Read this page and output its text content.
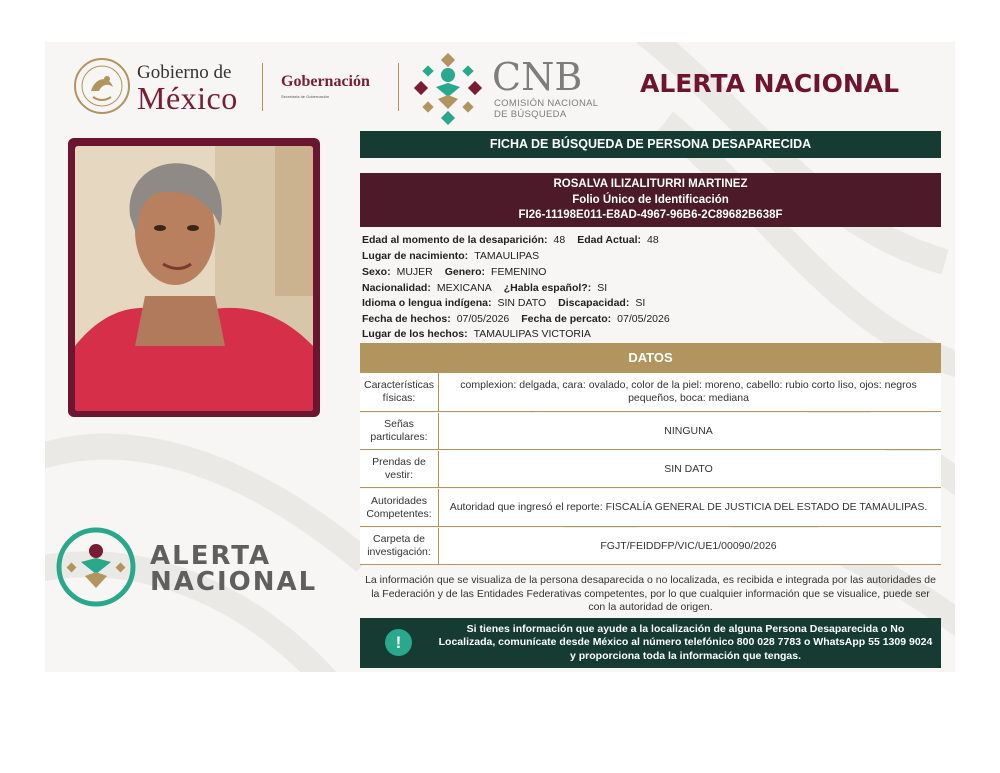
Gobierno de
México	Gobernación
Secretaría de Gobernación	CNB
COMISIÓN NACIONAL
DE BÚSQUEDA
ALERTA NACIONAL
FICHA DE BÚSQUEDA DE PERSONA DESAPARECIDA
ROSALVA ILIZALITURRI MARTINEZ
Folio Único de Identificación
FI26-11198E011-E8AD-4967-96B6-2C89682B638F
Edad al momento de la desaparición: 48 Edad Actual: 48
Lugar de nacimiento: TAMAULIPAS
Sexo: MUJER Genero: FEMENINO
Nacionalidad: MEXICANA ¿Habla español?: SI
Idioma o lengua indígena: SIN DATO Discapacidad: SI
Fecha de hechos: 07/05/2026 Fecha de percato: 07/05/2026
Lugar de los hechos: TAMAULIPAS VICTORIA
DATOS
Características físicas:
complexion: delgada, cara: ovalado, color de la piel: moreno, cabello: rubio corto liso, ojos: negros pequeños, boca: mediana
Señas particulares:
NINGUNA
Prendas de vestir:
SIN DATO
Autoridades Competentes:
Autoridad que ingresó el reporte: FISCALÍA GENERAL DE JUSTICIA DEL ESTADO DE TAMAULIPAS.
Carpeta de investigación:
FGJT/FEIDDFP/VIC/UE1/00090/2026
La información que se visualiza de la persona desaparecida o no localizada, es recibida e integrada por las autoridades de la Federación y de las Entidades Federativas competentes, por lo que cualquier información que se visualice, puede ser con la autoridad de origen.
!
Si tienes información que ayude a la localización de alguna Persona Desaparecida o No Localizada, comunícate desde México al número telefónico 800 028 7783 o WhatsApp 55 1309 9024 y proporciona toda la información que tengas.
ALERTA
NACIONAL
